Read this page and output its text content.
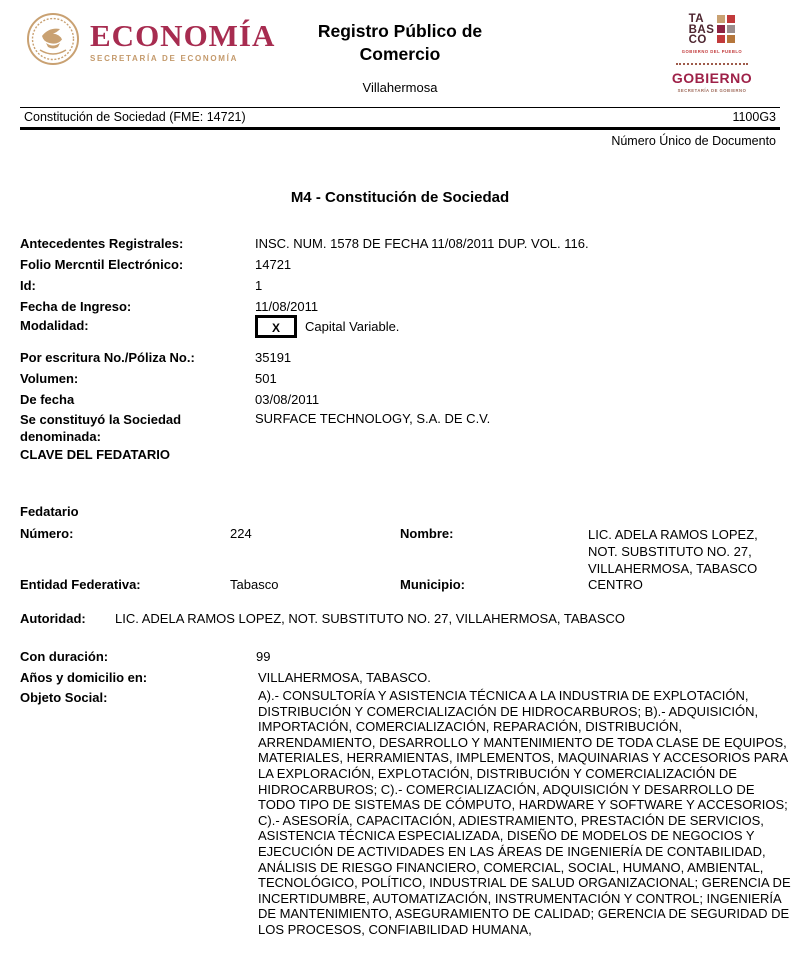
ECONOMÍA
SECRETARÍA DE ECONOMÍA
Registro Público de
Comercio
Villahermosa
TA
BAS
CO
GOBIERNO DEL PUEBLO
GOBIERNO
SECRETARÍA DE GOBIERNO
Constitución de Sociedad (FME: 14721)	1100G3
Número Único de Documento
M4 - Constitución de Sociedad
Antecedentes Registrales:	INSC. NUM. 1578 DE FECHA 11/08/2011 DUP. VOL. 116.
Folio Mercntil Electrónico:	14721
Id:	1
Fecha de Ingreso:	11/08/2011
Modalidad:	X Capital Variable.
Por escritura No./Póliza No.:	35191
Volumen:	501
De fecha	03/08/2011
Se constituyó la Sociedad denominada:
SURFACE TECHNOLOGY, S.A. DE C.V.
CLAVE DEL FEDATARIO
Fedatario
Número:	224	Nombre:	LIC. ADELA RAMOS LOPEZ, NOT. SUBSTITUTO NO. 27, VILLAHERMOSA, TABASCO
Entidad Federativa:	Tabasco	Municipio:	CENTRO
Autoridad: LIC. ADELA RAMOS LOPEZ, NOT. SUBSTITUTO NO. 27, VILLAHERMOSA, TABASCO
Con duración:	99
Años y domicilio en:	VILLAHERMOSA, TABASCO.
Objeto Social:	A).- CONSULTORÍA Y ASISTENCIA TÉCNICA A LA INDUSTRIA DE EXPLOTACIÓN, DISTRIBUCIÓN Y COMERCIALIZACIÓN DE HIDROCARBUROS; B).- ADQUISICIÓN, IMPORTACIÓN, COMERCIALIZACIÓN, REPARACIÓN, DISTRIBUCIÓN, ARRENDAMIENTO, DESARROLLO Y MANTENIMIENTO DE TODA CLASE DE EQUIPOS, MATERIALES, HERRAMIENTAS, IMPLEMENTOS, MAQUINARIAS Y ACCESORIOS PARA LA EXPLORACIÓN, EXPLOTACIÓN, DISTRIBUCIÓN Y COMERCIALIZACIÓN DE HIDROCARBUROS; C).- COMERCIALIZACIÓN, ADQUISICIÓN Y DESARROLLO DE TODO TIPO DE SISTEMAS DE CÓMPUTO, HARDWARE Y SOFTWARE Y ACCESORIOS; C).- ASESORÍA, CAPACITACIÓN, ADIESTRAMIENTO, PRESTACIÓN DE SERVICIOS, ASISTENCIA TÉCNICA ESPECIALIZADA, DISEÑO DE MODELOS DE NEGOCIOS Y EJECUCIÓN DE ACTIVIDADES EN LAS ÁREAS DE INGENIERÍA DE CONTABILIDAD, ANÁLISIS DE RIESGO FINANCIERO, COMERCIAL, SOCIAL, HUMANO, AMBIENTAL, TECNOLÓGICO, POLÍTICO, INDUSTRIAL DE SALUD ORGANIZACIONAL; GERENCIA DE INCERTIDUMBRE, AUTOMATIZACIÓN, INSTRUMENTACIÓN Y CONTROL; INGENIERÍA DE MANTENIMIENTO, ASEGURAMIENTO DE CALIDAD; GERENCIA DE SEGURIDAD DE LOS PROCESOS, CONFIABILIDAD HUMANA,
